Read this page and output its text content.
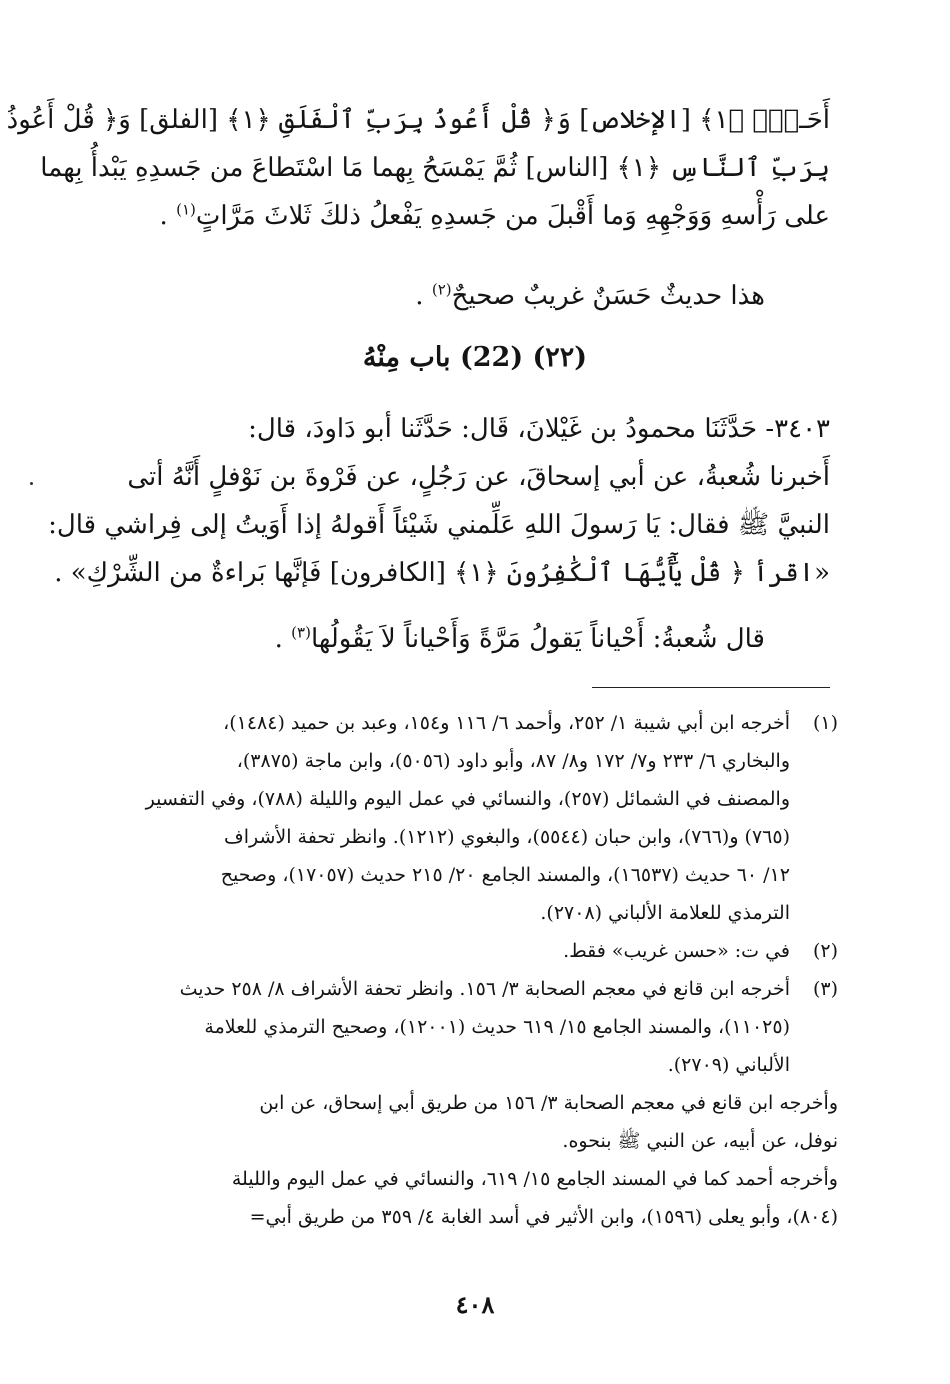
أَحَـدُۢ ﴿١﴾ [الإخلاص] وَ﴿ قُلْ أَعُوذُ بِرَبِّ ٱلْفَلَقِ ﴿١﴾ [الفلق] وَ﴿ قُلْ أَعُوذُ
بِرَبِّ ٱلنَّاسِ ﴿١﴾ [الناس] ثُمَّ يَمْسَحُ بِهما مَا اسْتَطاعَ من جَسدِهِ يَبْدأُ بِهما
على رَأْسهِ وَوَجْهِهِ وَما أَقْبلَ من جَسدِهِ يَفْعلُ ذلكَ ثَلاثَ مَرَّاتٍ$^{(١)}$ .
هذا حديثٌ حَسَنٌ غريبٌ صحيحٌ$^{(٢)}$ .
(٢٢) (22) باب مِنْهُ
٣٤٠٣- حَدَّثَنَا محمودُ بن غَيْلانَ، قَال: حَدَّثَنا أبو دَاودَ، قال:
أَخبرنا شُعبةُ، عن أبي إسحاقَ، عن رَجُلٍ، عن فَرْوةَ بن نَوْفلٍ أَنَّهُ أتى
النبيَّ ﷺ فقال: يَا رَسولَ اللهِ عَلِّمني شَيْئاً أَقولهُ إذا أَوَيتُ إلى فِراشي قال:
«اقرأ ﴿ قُلْ يَٰٓأَيُّهَا ٱلْكَٰفِرُونَ ﴿١﴾ [الكافرون] فَإنَّها بَراءةٌ من الشِّرْكِ» .
قال شُعبةُ: أَحْياناً يَقولُ مَرَّةً وَأَحْياناً لاَ يَقُولُها$^{(٣)}$ .
(١)
أخرجه ابن أبي شيبة ١/ ٢٥٢، وأحمد ٦/ ١١٦ و١٥٤، وعبد بن حميد (١٤٨٤)،
والبخاري ٦/ ٢٣٣ و٧/ ١٧٢ و٨/ ٨٧، وأبو داود (٥٠٥٦)، وابن ماجة (٣٨٧٥)،
والمصنف في الشمائل (٢٥٧)، والنسائي في عمل اليوم والليلة (٧٨٨)، وفي التفسير
(٧٦٥) و(٧٦٦)، وابن حبان (٥٥٤٤)، والبغوي (١٢١٢). وانظر تحفة الأشراف
١٢/ ٦٠ حديث (١٦٥٣٧)، والمسند الجامع ٢٠/ ٢١٥ حديث (١٧٠٥٧)، وصحيح
الترمذي للعلامة الألباني (٢٧٠٨).
(٢)
في ت: «حسن غريب» فقط.
(٣)
أخرجه ابن قانع في معجم الصحابة ٣/ ١٥٦. وانظر تحفة الأشراف ٨/ ٢٥٨ حديث
(١١٠٢٥)، والمسند الجامع ١٥/ ٦١٩ حديث (١٢٠٠١)، وصحيح الترمذي للعلامة
الألباني (٢٧٠٩).
وأخرجه ابن قانع في معجم الصحابة ٣/ ١٥٦ من طريق أبي إسحاق، عن ابن
نوفل، عن أبيه، عن النبي ﷺ بنحوه.
وأخرجه أحمد كما في المسند الجامع ١٥/ ٦١٩، والنسائي في عمل اليوم والليلة
(٨٠٤)، وأبو يعلى (١٥٩٦)، وابن الأثير في أسد الغابة ٤/ ٣٥٩ من طريق أبي=
٤٠٨
